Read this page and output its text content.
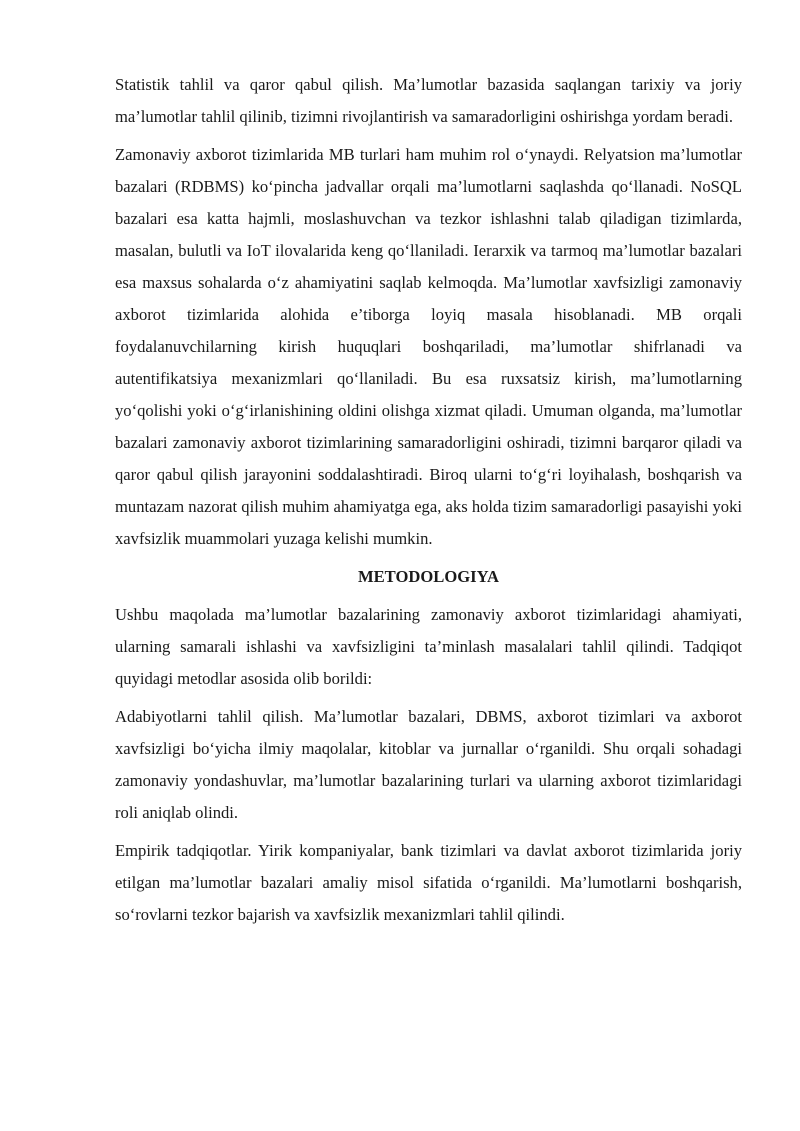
Statistik tahlil va qaror qabul qilish. Ma’lumotlar bazasida saqlangan tarixiy va joriy ma’lumotlar tahlil qilinib, tizimni rivojlantirish va samaradorligini oshirishga yordam beradi.

Zamonaviy axborot tizimlarida MB turlari ham muhim rol o‘ynaydi. Relyatsion ma’lumotlar bazalari (RDBMS) ko‘pincha jadvallar orqali ma’lumotlarni saqlashda qo‘llanadi. NoSQL bazalari esa katta hajmli, moslashuvchan va tezkor ishlashni talab qiladigan tizimlarda, masalan, bulutli va IoT ilovalarida keng qo‘llaniladi. Ierarxik va tarmoq ma’lumotlar bazalari esa maxsus sohalarda o‘z ahamiyatini saqlab kelmoqda. Ma’lumotlar xavfsizligi zamonaviy axborot tizimlarida alohida e’tiborga loyiq masala hisoblanadi. MB orqali foydalanuvchilarning kirish huquqlari boshqariladi, ma’lumotlar shifrlanadi va autentifikatsiya mexanizmlari qo‘llaniladi. Bu esa ruxsatsiz kirish, ma’lumotlarning yo‘qolishi yoki o‘g‘irlanishining oldini olishga xizmat qiladi. Umuman olganda, ma’lumotlar bazalari zamonaviy axborot tizimlarining samaradorligini oshiradi, tizimni barqaror qiladi va qaror qabul qilish jarayonini soddalashtiradi. Biroq ularni to‘g‘ri loyihalash, boshqarish va muntazam nazorat qilish muhim ahamiyatga ega, aks holda tizim samaradorligi pasayishi yoki xavfsizlik muammolari yuzaga kelishi mumkin.

METODOLOGIYA

Ushbu maqolada ma’lumotlar bazalarining zamonaviy axborot tizimlaridagi ahamiyati, ularning samarali ishlashi va xavfsizligini ta’minlash masalalari tahlil qilindi. Tadqiqot quyidagi metodlar asosida olib borildi:

Adabiyotlarni tahlil qilish. Ma’lumotlar bazalari, DBMS, axborot tizimlari va axborot xavfsizligi bo‘yicha ilmiy maqolalar, kitoblar va jurnallar o‘rganildi. Shu orqali sohadagi zamonaviy yondashuvlar, ma’lumotlar bazalarining turlari va ularning axborot tizimlaridagi roli aniqlab olindi.

Empirik tadqiqotlar. Yirik kompaniyalar, bank tizimlari va davlat axborot tizimlarida joriy etilgan ma’lumotlar bazalari amaliy misol sifatida o‘rganildi. Ma’lumotlarni boshqarish, so‘rovlarni tezkor bajarish va xavfsizlik mexanizmlari tahlil qilindi.
